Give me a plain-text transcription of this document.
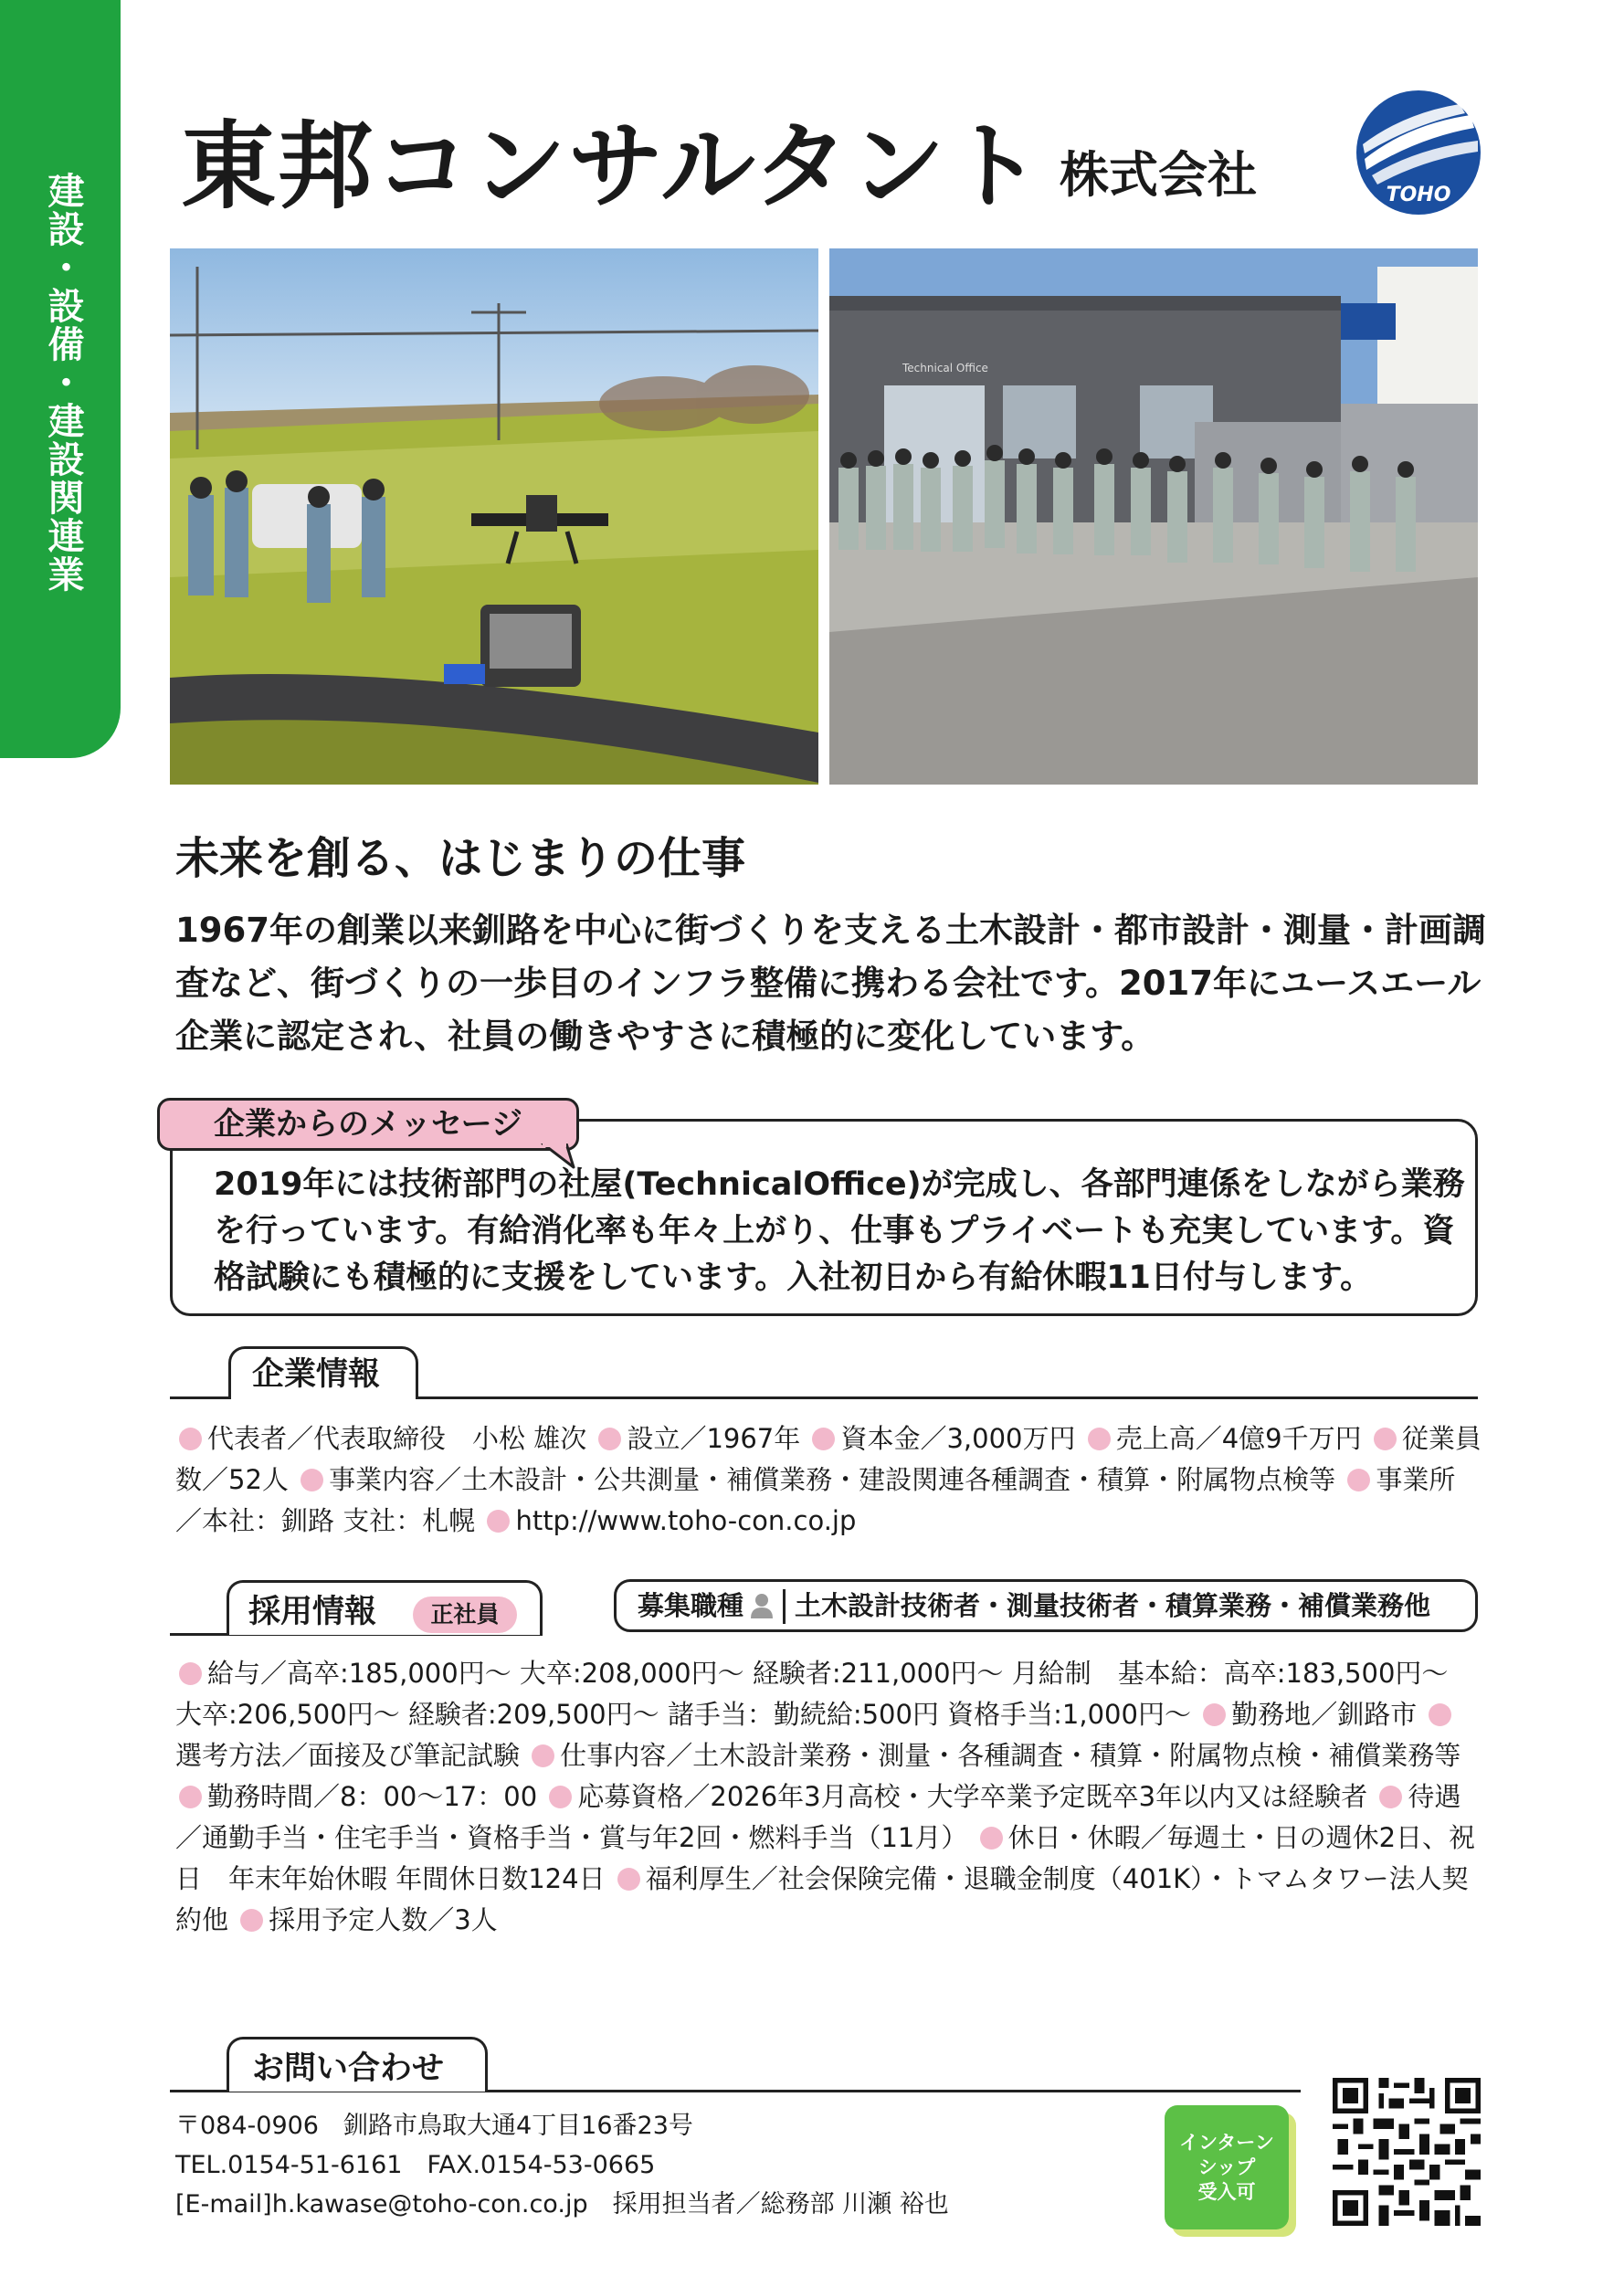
建設・設備・建設関連業
東邦コンサルタント 株式会社	TOHO
Technical Office
未来を創る、はじまりの仕事
1967年の創業以来釧路を中心に街づくりを支える土木設計・都市設計・測量・計画調査など、街づくりの一歩目のインフラ整備に携わる会社です。2017年にユースエール企業に認定され、社員の働きやすさに積極的に変化しています。
企業からのメッセージ
2019年には技術部門の社屋(TechnicalOffice)が完成し、各部門連係をしながら業務を行っています。有給消化率も年々上がり、仕事もプライベートも充実しています。資格試験にも積極的に支援をしています。入社初日から有給休暇11日付与します。
企業情報
代表者／代表取締役　小松 雄次 設立／1967年 資本金／3,000万円 売上高／4億9千万円 従業員数／52人 事業内容／土木設計・公共測量・補償業務・建設関連各種調査・積算・附属物点検等 事業所／本社：釧路 支社：札幌 http://www.toho-con.co.jp
採用情報	正社員	募集職種 土木設計技術者・測量技術者・積算業務・補償業務他
給与／高卒:185,000円～ 大卒:208,000円～ 経験者:211,000円～ 月給制　基本給：高卒:183,500円～ 大卒:206,500円～ 経験者:209,500円～ 諸手当：勤続給:500円 資格手当:1,000円～ 勤務地／釧路市 選考方法／面接及び筆記試験 仕事内容／土木設計業務・測量・各種調査・積算・附属物点検・補償業務等 勤務時間／8：00～17：00 応募資格／2026年3月高校・大学卒業予定既卒3年以内又は経験者 待遇／通勤手当・住宅手当・資格手当・賞与年2回・燃料手当（11月） 休日・休暇／毎週土・日の週休2日、祝日　年末年始休暇 年間休日数124日 福利厚生／社会保険完備・退職金制度（401K）・トマムタワー法人契約他 採用予定人数／3人
お問い合わせ
〒084-0906　釧路市鳥取大通4丁目16番23号
TEL.0154-51-6161　FAX.0154-53-0665
[E-mail]h.kawase@toho-con.co.jp　採用担当者／総務部 川瀬 裕也
インターン
シップ
受入可
